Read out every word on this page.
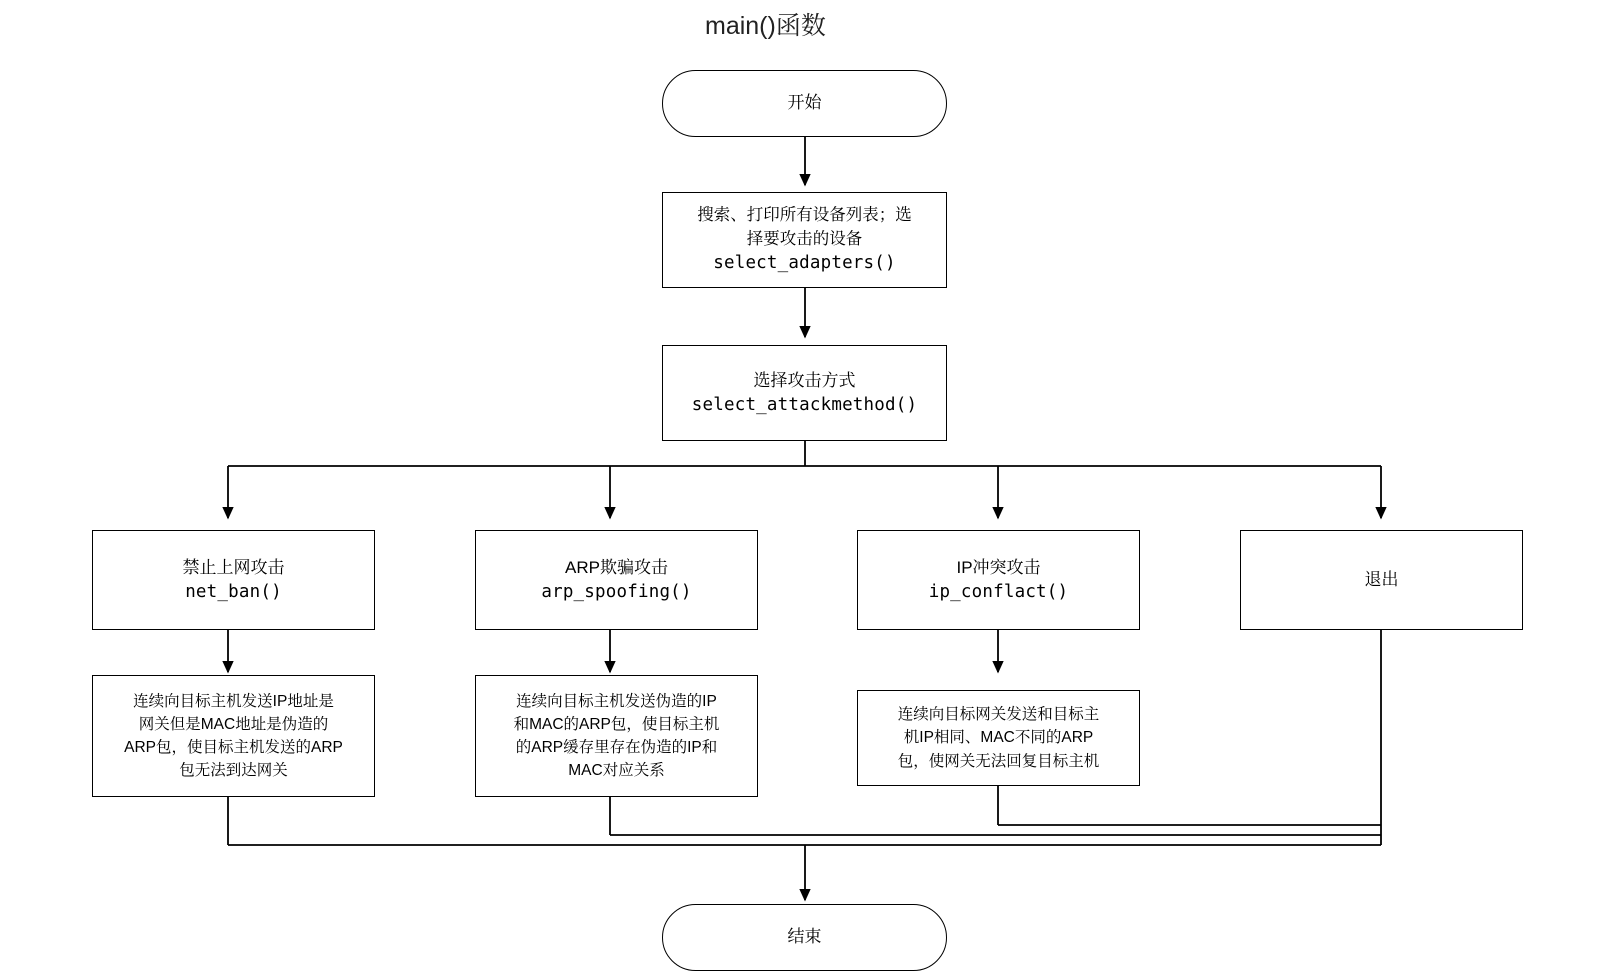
main()函数
开始
搜索、打印所有设备列表；选
择要攻击的设备
select_adapters()
选择攻击方式
select_attackmethod()
禁止上网攻击
net_ban()
ARP欺骗攻击
arp_spoofing()
IP冲突攻击
ip_conflact()
退出
连续向目标主机发送IP地址是
网关但是MAC地址是伪造的
ARP包，使目标主机发送的ARP
包无法到达网关
连续向目标主机发送伪造的IP
和MAC的ARP包，使目标主机
的ARP缓存里存在伪造的IP和
MAC对应关系
连续向目标网关发送和目标主
机IP相同、MAC不同的ARP
包，使网关无法回复目标主机
结束
